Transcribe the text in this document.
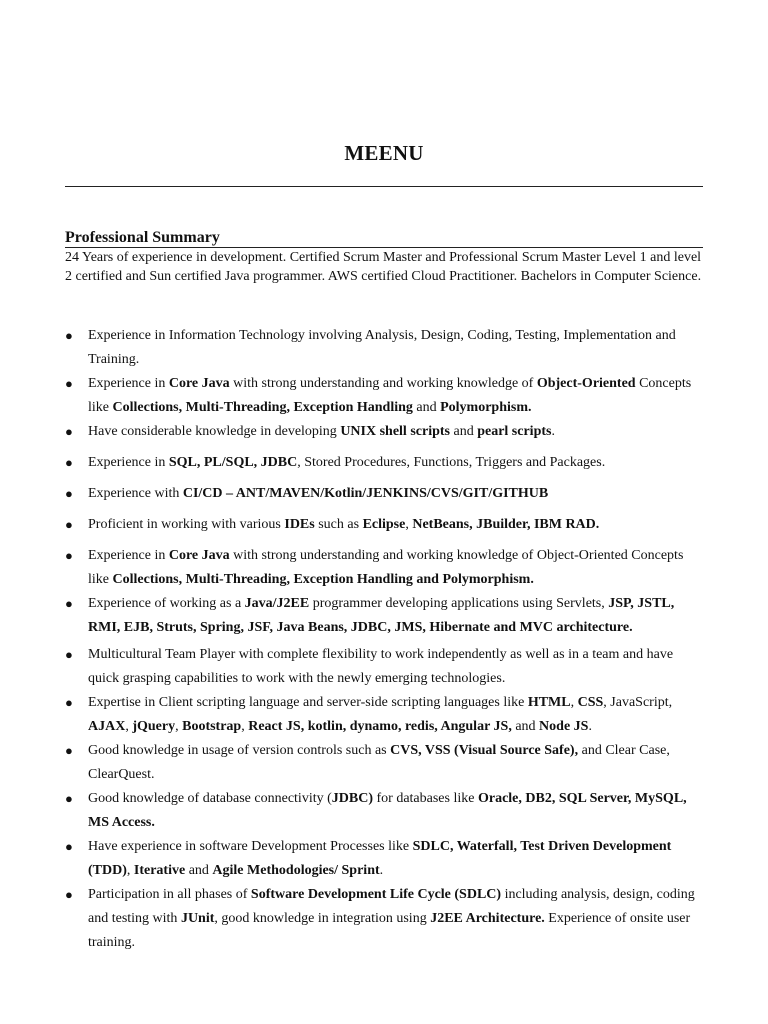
MEENU
Professional Summary

24 Years of experience in development. Certified Scrum Master and Professional Scrum Master Level 1 and level 2 certified and Sun certified Java programmer. AWS certified Cloud Practitioner. Bachelors in Computer Science.

● Experience in Information Technology involving Analysis, Design, Coding, Testing, Implementation and Training.
● Experience in Core Java with strong understanding and working knowledge of Object-Oriented Concepts like Collections, Multi-Threading, Exception Handling and Polymorphism.
● Have considerable knowledge in developing UNIX shell scripts and pearl scripts.
● Experience in SQL, PL/SQL, JDBC, Stored Procedures, Functions, Triggers and Packages.
● Experience with CI/CD – ANT/MAVEN/Kotlin/JENKINS/CVS/GIT/GITHUB
● Proficient in working with various IDEs such as Eclipse, NetBeans, JBuilder, IBM RAD.
● Experience in Core Java with strong understanding and working knowledge of Object-Oriented Concepts like Collections, Multi-Threading, Exception Handling and Polymorphism.
● Experience of working as a Java/J2EE programmer developing applications using Servlets, JSP, JSTL, RMI, EJB, Struts, Spring, JSF, Java Beans, JDBC, JMS, Hibernate and MVC architecture.
● Multicultural Team Player with complete flexibility to work independently as well as in a team and have quick grasping capabilities to work with the newly emerging technologies.
● Expertise in Client scripting language and server-side scripting languages like HTML, CSS, JavaScript, AJAX, jQuery, Bootstrap, React JS, kotlin, dynamo, redis, Angular JS, and Node JS.
● Good knowledge in usage of version controls such as CVS, VSS (Visual Source Safe), and Clear Case, ClearQuest.
● Good knowledge of database connectivity (JDBC) for databases like Oracle, DB2, SQL Server, MySQL, MS Access.
● Have experience in software Development Processes like SDLC, Waterfall, Test Driven Development (TDD), Iterative and Agile Methodologies/ Sprint.
● Participation in all phases of Software Development Life Cycle (SDLC) including analysis, design, coding and testing with JUnit, good knowledge in integration using J2EE Architecture. Experience of onsite user training.
